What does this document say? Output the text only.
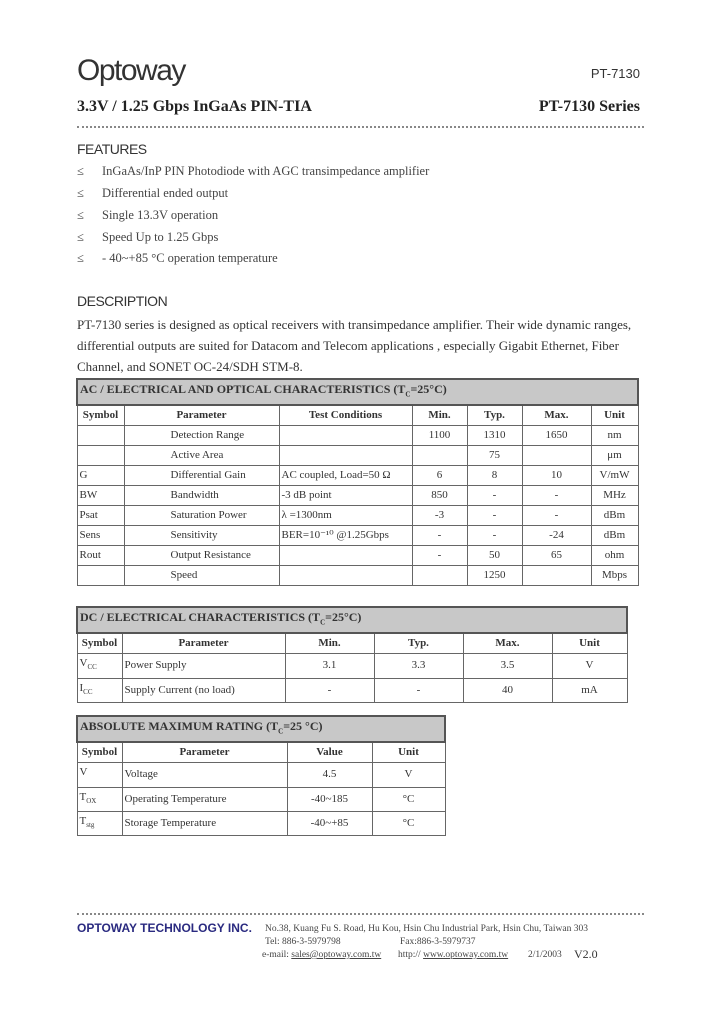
Optoway	PT-7130
3.3V / 1.25 Gbps InGaAs PIN-TIA	PT-7130 Series
FEATURES
≤ InGaAs/InP PIN Photodiode with AGC transimpedance amplifier
≤ Differential ended output
≤ Single 13.3V operation
≤ Speed Up to 1.25 Gbps
≤ - 40~+85 °C operation temperature
DESCRIPTION
PT-7130 series is designed as optical receivers with transimpedance amplifier. Their wide dynamic ranges, differential outputs are suited for Datacom and Telecom applications , especially Gigabit Ethernet, Fiber Channel, and SONET OC-24/SDH STM-8.
AC / ELECTRICAL AND OPTICAL CHARACTERISTICS $(T_C=25^\circ C)$						
Symbol	Parameter	Test Conditions	Min.	Typ.	Max.	Unit
	Detection Range		1100	1310	1650	nm
	Active Area			75		μm
G	Differential Gain	AC coupled, Load=50 Ω	6	8	10	V/mW
BW	Bandwidth	-3 dB point	850	-	-	MHz
Psat	Saturation Power	λ =1300nm	-3	-	-	dBm
Sens	Sensitivity	BER=10⁻¹⁰ @1.25Gbps	-	-	-24	dBm
Rout	Output Resistance		-	50	65	ohm
	Speed			1250		Mbps
DC / ELECTRICAL CHARACTERISTICS $(T_C=25^\circ C)$					
Symbol	Parameter	Min.	Typ.	Max.	Unit
$V_{CC}$	Power Supply	3.1	3.3	3.5	V
$I_{CC}$	Supply Current (no load)	-	-	40	mA
ABSOLUTE MAXIMUM RATING ($T_C=25$ °C)			
Symbol	Parameter	Value	Unit
V	Voltage	4.5	V
$T_{OX}$	Operating Temperature	-40~185	°C
$T_{stg}$	Storage Temperature	-40~+85	°C
OPTOWAY TECHNOLOGY INC. No.38, Kuang Fu S. Road, Hu Kou, Hsin Chu Industrial Park, Hsin Chu, Taiwan 303
Tel: 886-3-5979798	Fax:886-3-5979737
e-mail: sales@optoway.com.tw http:// www.optoway.com.tw 2/1/2003 V2.0
